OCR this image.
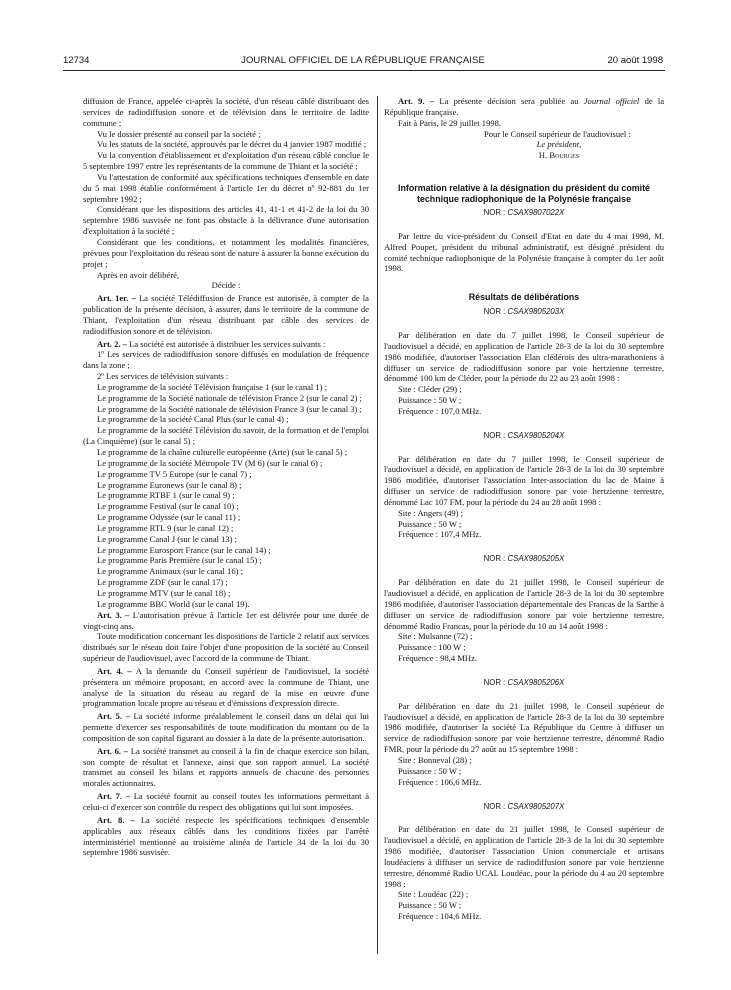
12734	JOURNAL OFFICIEL DE LA RÉPUBLIQUE FRANÇAISE	20 août 1998

diffusion de France, appelée ci-après la société, d'un réseau câblé distribuant des services de radiodiffusion sonore et de télévision dans le territoire de ladite commune ;

Vu le dossier présenté au conseil par la société ;

Vu les statuts de la société, approuvés par le décret du 4 janvier 1987 modifié ;

Vu la convention d'établissement et d'exploitation d'un réseau câblé conclue le 5 septembre 1997 entre les représentants de la commune de Thiant et la société ;

Vu l'attestation de conformité aux spécifications techniques d'ensemble en date du 5 mai 1998 établie conformément à l'article 1er du décret nº 92-881 du 1er septembre 1992 ;

Considérant que les dispositions des articles 41, 41-1 et 41-2 de la loi du 30 septembre 1986 susvisée ne font pas obstacle à la délivrance d'une autorisation d'exploitation à la société ;

Considérant que les conditions, et notamment les modalités financières, prévues pour l'exploitation du réseau sont de nature à assurer la bonne exécution du projet ;

Après en avoir délibéré,

Décide :

Art. 1er. – La société Télédiffusion de France est autorisée, à compter de la publication de la présente décision, à assurer, dans le territoire de la commune de Thiant, l'exploitation d'un réseau distribuant par câble des services de radiodiffusion sonore et de télévision.

Art. 2. – La société est autorisée à distribuer les services suivants :

1º Les services de radiodiffusion sonore diffusés en modulation de fréquence dans la zone ;

2º Les services de télévision suivants :

Le programme de la société Télévision française 1 (sur le canal 1) ;

Le programme de la Société nationale de télévision France 2 (sur le canal 2) ;

Le programme de la Société nationale de télévision France 3 (sur le canal 3) ;

Le programme de la société Canal Plus (sur le canal 4) ;

Le programme de la société Télévision du savoir, de la formation et de l'emploi (La Cinquième) (sur le canal 5) ;

Le programme de la chaîne culturelle européenne (Arte) (sur le canal 5) ;

Le programme de la société Métropole TV (M 6) (sur le canal 6) ;

Le programme TV 5 Europe (sur le canal 7) ;

Le programme Euronews (sur le canal 8) ;

Le programme RTBF 1 (sur le canal 9) ;

Le programme Festival (sur le canal 10) ;

Le programme Odyssée (sur le canal 11) ;

Le programme RTL 9 (sur le canal 12) ;

Le programme Canal J (sur le canal 13) ;

Le programme Eurosport France (sur le canal 14) ;

Le programme Paris Première (sur le canal 15) ;

Le programme Animaux (sur le canal 16) ;

Le programme ZDF (sur le canal 17) ;

Le programme MTV (sur le canal 18) ;

Le programme BBC World (sur le canal 19).

Art. 3. – L'autorisation prévue à l'article 1er est délivrée pour une durée de vingt-cinq ans.

Toute modification concernant les dispositions de l'article 2 relatif aux services distribués sur le réseau doit faire l'objet d'une proposition de la société au Conseil supérieur de l'audiovisuel, avec l'accord de la commune de Thiant.

Art. 4. – A la demande du Conseil supérieur de l'audiovisuel, la société présentera un mémoire proposant, en accord avec la commune de Thiant, une analyse de la situation du réseau au regard de la mise en œuvre d'une programmation locale propre au réseau et d'émissions d'expression directe.

Art. 5. – La société informe préalablement le conseil dans un délai qui lui permette d'exercer ses responsabilités de toute modification du montant ou de la composition de son capital figurant au dossier à la date de la présente autorisation.

Art. 6. – La société transmet au conseil à la fin de chaque exercice son bilan, son compte de résultat et l'annexe, ainsi que son rapport annuel. La société transmet au conseil les bilans et rapports annuels de chacune des personnes morales actionnaires.

Art. 7. – La société fournit au conseil toutes les informations permettant à celui-ci d'exercer son contrôle du respect des obligations qui lui sont imposées.

Art. 8. – La société respecte les spécifications techniques d'ensemble applicables aux réseaux câblés dans les conditions fixées par l'arrêté interministériel mentionné au troisième alinéa de l'article 34 de la loi du 30 septembre 1986 susvisée.

Art. 9. – La présente décision sera publiée au Journal officiel de la République française.

Fait à Paris, le 29 juillet 1998.

Pour le Conseil supérieur de l'audiovisuel :

Le président,

H. Bourges

Information relative à la désignation du président du comité technique radiophonique de la Polynésie française

NOR : CSAX9807022X

Par lettre du vice-président du Conseil d'Etat en date du 4 mai 1998, M. Alfred Poupet, président du tribunal administratif, est désigné président du comité technique radiophonique de la Polynésie française à compter du 1er août 1998.

Résultats de délibérations

NOR : CSAX9805203X

Par délibération en date du 7 juillet 1998, le Conseil supérieur de l'audiovisuel a décidé, en application de l'article 28-3 de la loi du 30 septembre 1986 modifiée, d'autoriser l'association Elan clédérois des ultra-marathoniens à diffuser un service de radiodiffusion sonore par voie hertzienne terrestre, dénommé 100 km de Cléder, pour la période du 22 au 23 août 1998 :

Site : Cléder (29) ;

Puissance : 50 W ;

Fréquence : 107,0 MHz.

NOR : CSAX9805204X

Par délibération en date du 7 juillet 1998, le Conseil supérieur de l'audiovisuel a décidé, en application de l'article 28-3 de la loi du 30 septembre 1986 modifiée, d'autoriser l'association Inter-association du lac de Maine à diffuser un service de radiodiffusion sonore par voie hertzienne terrestre, dénommé Lac 107 FM, pour la période du 24 au 28 août 1998 :

Site : Angers (49) ;

Puissance : 50 W ;

Fréquence : 107,4 MHz.

NOR : CSAX9805205X

Par délibération en date du 21 juillet 1998, le Conseil supérieur de l'audiovisuel a décidé, en application de l'article 28-3 de la loi du 30 septembre 1986 modifiée, d'autoriser l'association départementale des Francas de la Sarthe à diffuser un service de radiodiffusion sonore par voie hertzienne terrestre, dénommé Radio Francas, pour la période du 10 au 14 août 1998 :

Site : Mulsanne (72) ;

Puissance : 100 W ;

Fréquence : 98,4 MHz.

NOR : CSAX9805206X

Par délibération en date du 21 juillet 1998, le Conseil supérieur de l'audiovisuel a décidé, en application de l'article 28-3 de la loi du 30 septembre 1986 modifiée, d'autoriser la société La République du Centre à diffuser un service de radiodiffusion sonore par voie hertzienne terrestre, dénommé Radio FMR, pour la période du 27 août au 15 septembre 1998 :

Site : Bonneval (28) ;

Puissance : 50 W ;

Fréquence : 106,6 MHz.

NOR : CSAX9805207X

Par délibération en date du 21 juillet 1998, le Conseil supérieur de l'audiovisuel a décidé, en application de l'article 28-3 de la loi du 30 septembre 1986 modifiée, d'autoriser l'association Union commerciale et artisans loudéaciens à diffuser un service de radiodiffusion sonore par voie hertzienne terrestre, dénommé Radio UCAL Loudéac, pour la période du 4 au 20 septembre 1998 :

Site : Loudéac (22) ;

Puissance : 50 W ;

Fréquence : 104,6 MHz.
